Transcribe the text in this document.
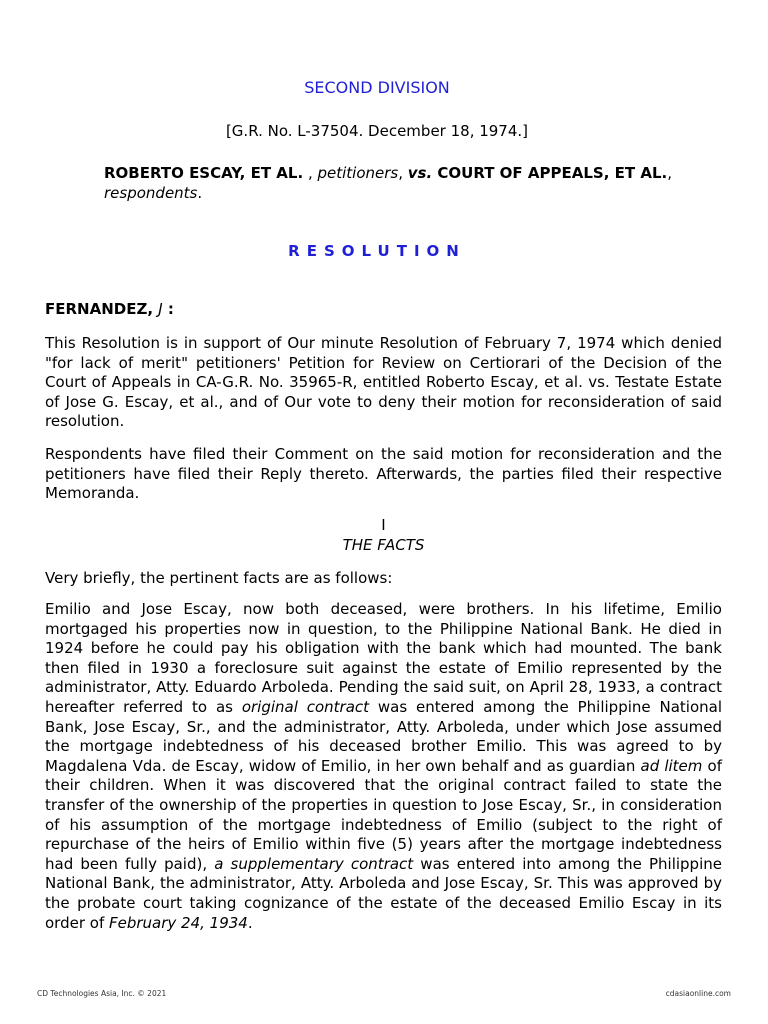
SECOND DIVISION
[G.R. No. L-37504. December 18, 1974.]
ROBERTO ESCAY, ET AL. , petitioners, vs. COURT OF APPEALS, ET AL., respondents.
RESOLUTION
FERNANDEZ, J :
This Resolution is in support of Our minute Resolution of February 7, 1974 which denied "for lack of merit" petitioners' Petition for Review on Certiorari of the Decision of the Court of Appeals in CA-G.R. No. 35965-R, entitled Roberto Escay, et al. vs. Testate Estate of Jose G. Escay, et al., and of Our vote to deny their motion for reconsideration of said resolution.
Respondents have filed their Comment on the said motion for reconsideration and the petitioners have filed their Reply thereto. Afterwards, the parties filed their respective Memoranda.
I
THE FACTS
Very briefly, the pertinent facts are as follows:
Emilio and Jose Escay, now both deceased, were brothers. In his lifetime, Emilio mortgaged his properties now in question, to the Philippine National Bank. He died in 1924 before he could pay his obligation with the bank which had mounted. The bank then filed in 1930 a foreclosure suit against the estate of Emilio represented by the administrator, Atty. Eduardo Arboleda. Pending the said suit, on April 28, 1933, a contract hereafter referred to as original contract was entered among the Philippine National Bank, Jose Escay, Sr., and the administrator, Atty. Arboleda, under which Jose assumed the mortgage indebtedness of his deceased brother Emilio. This was agreed to by Magdalena Vda. de Escay, widow of Emilio, in her own behalf and as guardian ad litem of their children. When it was discovered that the original contract failed to state the transfer of the ownership of the properties in question to Jose Escay, Sr., in consideration of his assumption of the mortgage indebtedness of Emilio (subject to the right of repurchase of the heirs of Emilio within five (5) years after the mortgage indebtedness had been fully paid), a supplementary contract was entered into among the Philippine National Bank, the administrator, Atty. Arboleda and Jose Escay, Sr. This was approved by the probate court taking cognizance of the estate of the deceased Emilio Escay in its order of February 24, 1934.
CD Technologies Asia, Inc. © 2021	cdasiaonline.com
